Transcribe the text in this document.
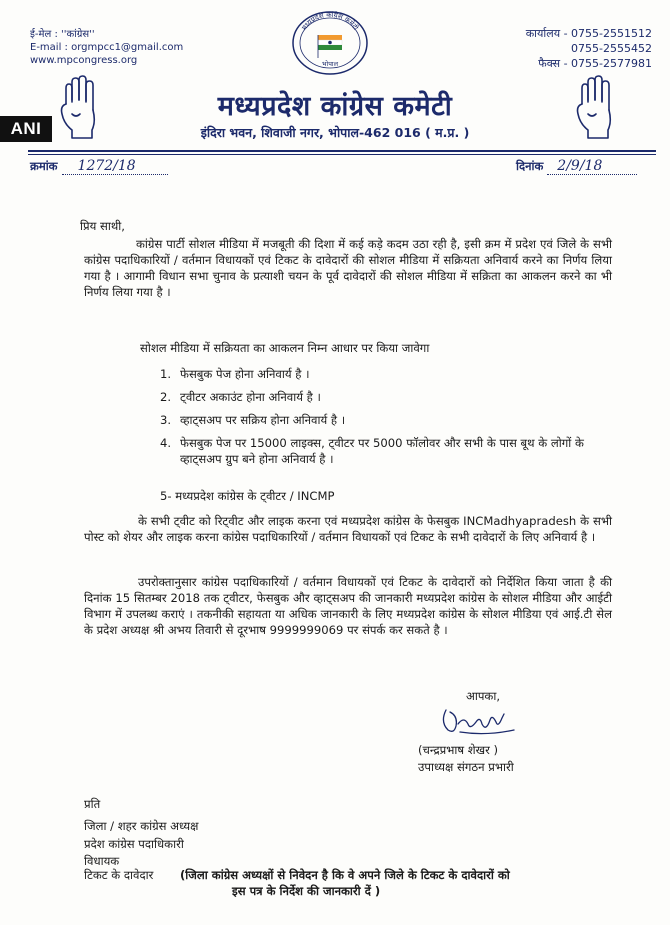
ई-मेल : ''कांग्रेस''
E-mail : orgmpcc1@gmail.com
www.mpcongress.org
मध्यप्रदेश कांग्रेस कमेटी
भोपाल
कार्यालय - 0755-2551512
0755-2555452
फैक्स - 0755-2577981
ANI
मध्यप्रदेश कांग्रेस कमेटी
इंदिरा भवन, शिवाजी नगर, भोपाल-462 016 ( म.प्र. )
क्रमांक 1272/18	दिनांक 2/9/18
प्रिय साथी,
कांग्रेस पार्टी सोशल मीडिया में मजबूती की दिशा में कई कड़े कदम उठा रही है, इसी क्रम में प्रदेश एवं जिले के सभी कांग्रेस पदाधिकारियों / वर्तमान विधायकों एवं टिकट के दावेदारों की सोशल मीडिया में सक्रियता अनिवार्य करने का निर्णय लिया गया है । आगामी विधान सभा चुनाव के प्रत्याशी चयन के पूर्व दावेदारों की सोशल मीडिया में सक्रिता का आकलन करने का भी निर्णय लिया गया है ।
सोशल मीडिया में सक्रियता का आकलन निम्न आधार पर किया जावेगा
1. फेसबुक पेज होना अनिवार्य है ।
2. ट्वीटर अकाउंट होना अनिवार्य है ।
3. व्हाट्सअप पर सक्रिय होना अनिवार्य है ।
4. फेसबुक पेज पर 15000 लाइक्स, ट्वीटर पर 5000 फॉलोवर और सभी के पास बूथ के लोगों के व्हाट्सअप ग्रुप बने होना अनिवार्य है ।
5- मध्यप्रदेश कांग्रेस के ट्वीटर / INCMP
के सभी ट्वीट को रिट्वीट और लाइक करना एवं मध्यप्रदेश कांग्रेस के फेसबुक INCMadhyapradesh के सभी पोस्ट को शेयर और लाइक करना कांग्रेस पदाधिकारियों / वर्तमान विधायकों एवं टिकट के सभी दावेदारों के लिए अनिवार्य है ।
उपरोक्तानुसार कांग्रेस पदाधिकारियों / वर्तमान विधायकों एवं टिकट के दावेदारों को निर्देशित किया जाता है की दिनांक 15 सितम्बर 2018 तक ट्वीटर, फेसबुक और व्हाट्सअप की जानकारी मध्यप्रदेश कांग्रेस के सोशल मीडिया और आईटी विभाग में उपलब्ध कराएं । तकनीकी सहायता या अधिक जानकारी के लिए मध्यप्रदेश कांग्रेस के सोशल मीडिया एवं आई.टी सेल के प्रदेश अध्यक्ष श्री अभय तिवारी से दूरभाष 9999999069 पर संपर्क कर सकते है ।
आपका,
(चन्द्रप्रभाष शेखर )
उपाध्यक्ष संगठन प्रभारी
प्रति
जिला / शहर कांग्रेस अध्यक्ष
प्रदेश कांग्रेस पदाधिकारी
विधायक
टिकट के दावेदार (जिला कांग्रेस अध्यक्षों से निवेदन है कि वे अपने जिले के टिकट के दावेदारों को
इस पत्र के निर्देश की जानकारी दें )
